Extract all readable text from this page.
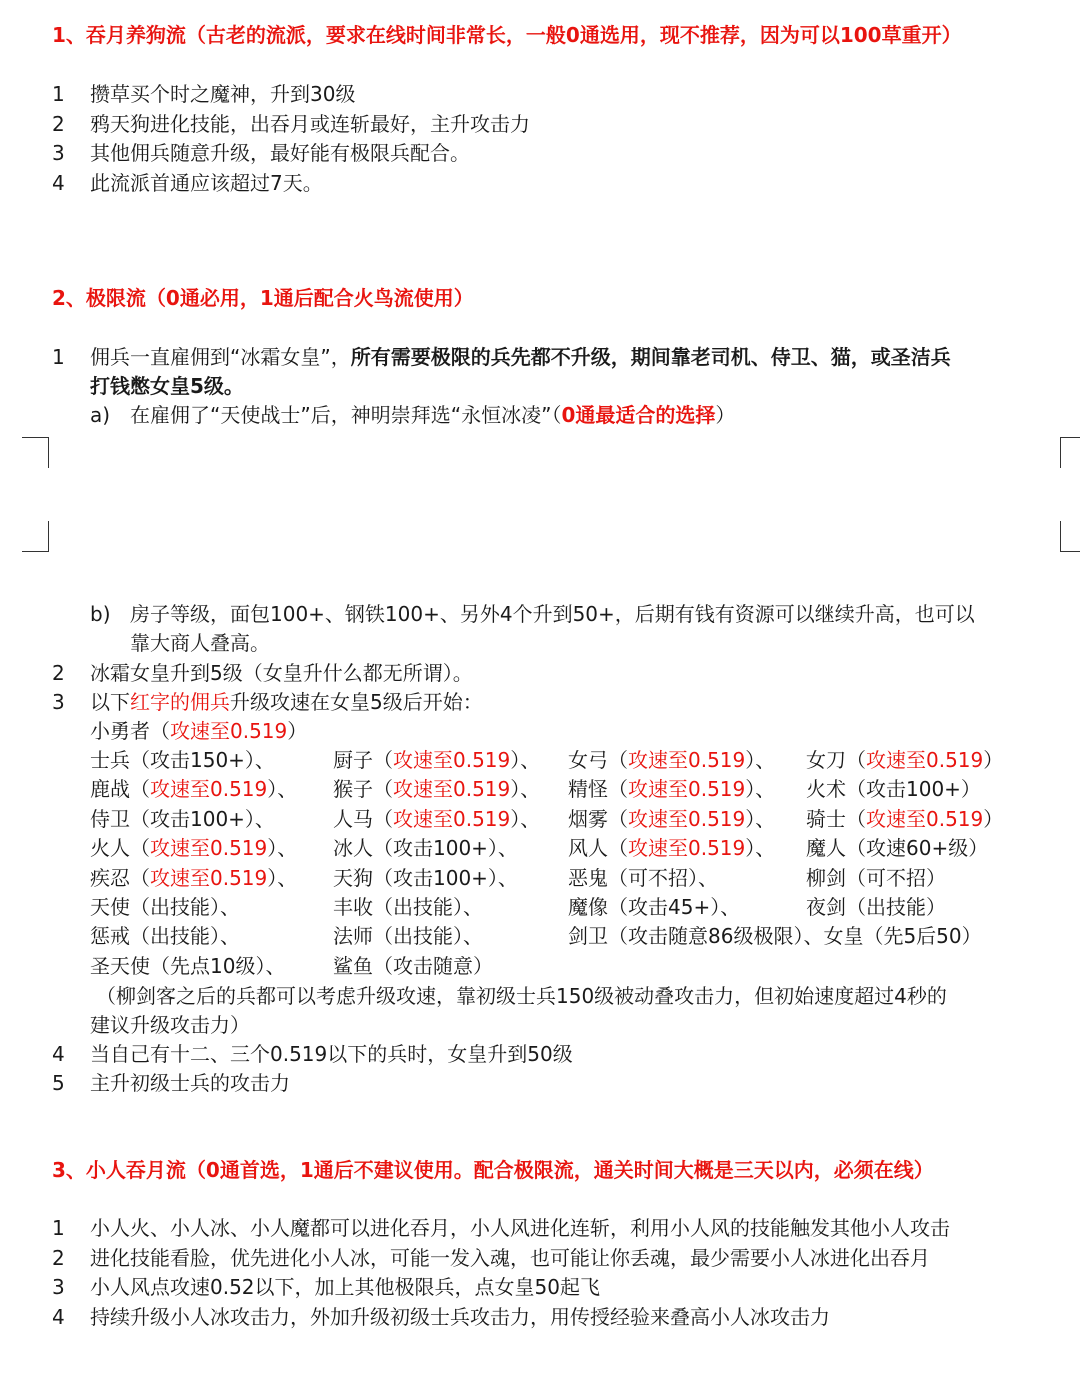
1、吞月养狗流（古老的流派，要求在线时间非常长，一般0通选用，现不推荐，因为可以100草重开）
1 攒草买个时之魔神，升到30级
2 鸦天狗进化技能，出吞月或连斩最好，主升攻击力
3 其他佣兵随意升级，最好能有极限兵配合。
4 此流派首通应该超过7天。
2、极限流（0通必用，1通后配合火鸟流使用）
1 佣兵一直雇佣到“冰霜女皇”，所有需要极限的兵先都不升级，期间靠老司机、侍卫、猫，或圣洁兵
打钱憋女皇5级。
a) 在雇佣了“天使战士”后，神明崇拜选“永恒冰凌”（0通最适合的选择）
b) 房子等级，面包100+、钢铁100+、另外4个升到50+，后期有钱有资源可以继续升高，也可以
靠大商人叠高。
2 冰霜女皇升到5级（女皇升什么都无所谓）。
3 以下红字的佣兵升级攻速在女皇5级后开始：
小勇者（攻速至0.519）
士兵（攻击150+）、	厨子（攻速至0.519）、 女弓（攻速至0.519）、 女刀（攻速至0.519）
鹿战（攻速至0.519）、 猴子（攻速至0.519）、 精怪（攻速至0.519）、 火术（攻击100+）
侍卫（攻击100+）、	人马（攻速至0.519）、 烟雾（攻速至0.519）、 骑士（攻速至0.519）
火人（攻速至0.519）、 冰人（攻击100+）、	风人（攻速至0.519）、 魔人（攻速60+级）
疾忍（攻速至0.519）、 天狗（攻击100+）、	恶鬼（可不招）、	柳剑（可不招）
天使（出技能）、	丰收（出技能）、	魔像（攻击45+）、	夜剑（出技能）
惩戒（出技能）、	法师（出技能）、	剑卫（攻击随意86级极限）、女皇（先5后50）
圣天使（先点10级）、 鲨鱼（攻击随意）
（柳剑客之后的兵都可以考虑升级攻速，靠初级士兵150级被动叠攻击力，但初始速度超过4秒的
建议升级攻击力）
4 当自己有十二、三个0.519以下的兵时，女皇升到50级
5 主升初级士兵的攻击力
3、小人吞月流（0通首选，1通后不建议使用。配合极限流，通关时间大概是三天以内，必须在线）
1 小人火、小人冰、小人魔都可以进化吞月，小人风进化连斩，利用小人风的技能触发其他小人攻击
2 进化技能看脸，优先进化小人冰，可能一发入魂，也可能让你丢魂，最少需要小人冰进化出吞月
3 小人风点攻速0.52以下，加上其他极限兵，点女皇50起飞
4 持续升级小人冰攻击力，外加升级初级士兵攻击力，用传授经验来叠高小人冰攻击力
